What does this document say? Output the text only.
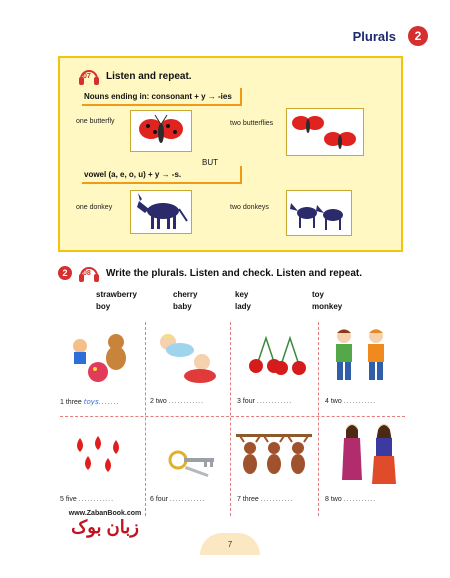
Plurals	2
07 Listen and repeat.
Nouns ending in: consonant + y → -ies
one butterfly	two butterflies
BUT
vowel (a, e, o, u) + y → -s.
one donkey	two donkeys
2	08 Write the plurals. Listen and check. Listen and repeat.
strawberry	cherry	key	toy
boy	baby	lady	monkey
1 three toys.......	2 two ............	3 four ............	4 two ...........
5 five ............	6 four ............	7 three ...........	8 two ...........
www.ZabanBook.com
زبان بوک
7
